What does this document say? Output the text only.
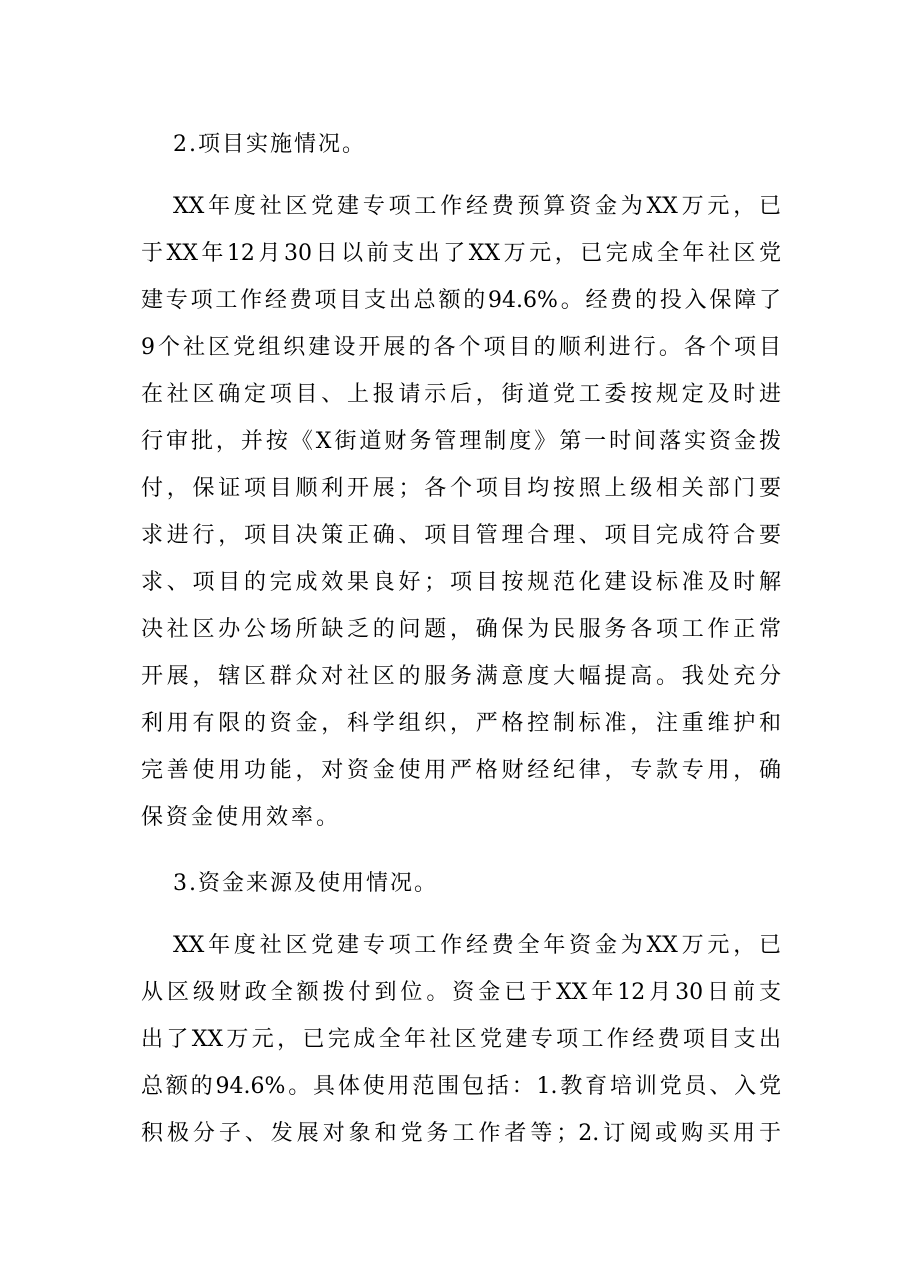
2.项目实施情况。
XX年度社区党建专项工作经费预算资金为XX万元，已
于XX年12月30日以前支出了XX万元，已完成全年社区党
建专项工作经费项目支出总额的94.6%。经费的投入保障了
9个社区党组织建设开展的各个项目的顺利进行。各个项目
在社区确定项目、上报请示后，街道党工委按规定及时进
行审批，并按《X街道财务管理制度》第一时间落实资金拨
付，保证项目顺利开展；各个项目均按照上级相关部门要
求进行，项目决策正确、项目管理合理、项目完成符合要
求、项目的完成效果良好；项目按规范化建设标准及时解
决社区办公场所缺乏的问题，确保为民服务各项工作正常
开展，辖区群众对社区的服务满意度大幅提高。我处充分
利用有限的资金，科学组织，严格控制标准，注重维护和
完善使用功能，对资金使用严格财经纪律，专款专用，确
保资金使用效率。
3.资金来源及使用情况。
XX年度社区党建专项工作经费全年资金为XX万元，已
从区级财政全额拨付到位。资金已于XX年12月30日前支
出了XX万元，已完成全年社区党建专项工作经费项目支出
总额的94.6%。具体使用范围包括：1.教育培训党员、入党
积极分子、发展对象和党务工作者等；2.订阅或购买用于
